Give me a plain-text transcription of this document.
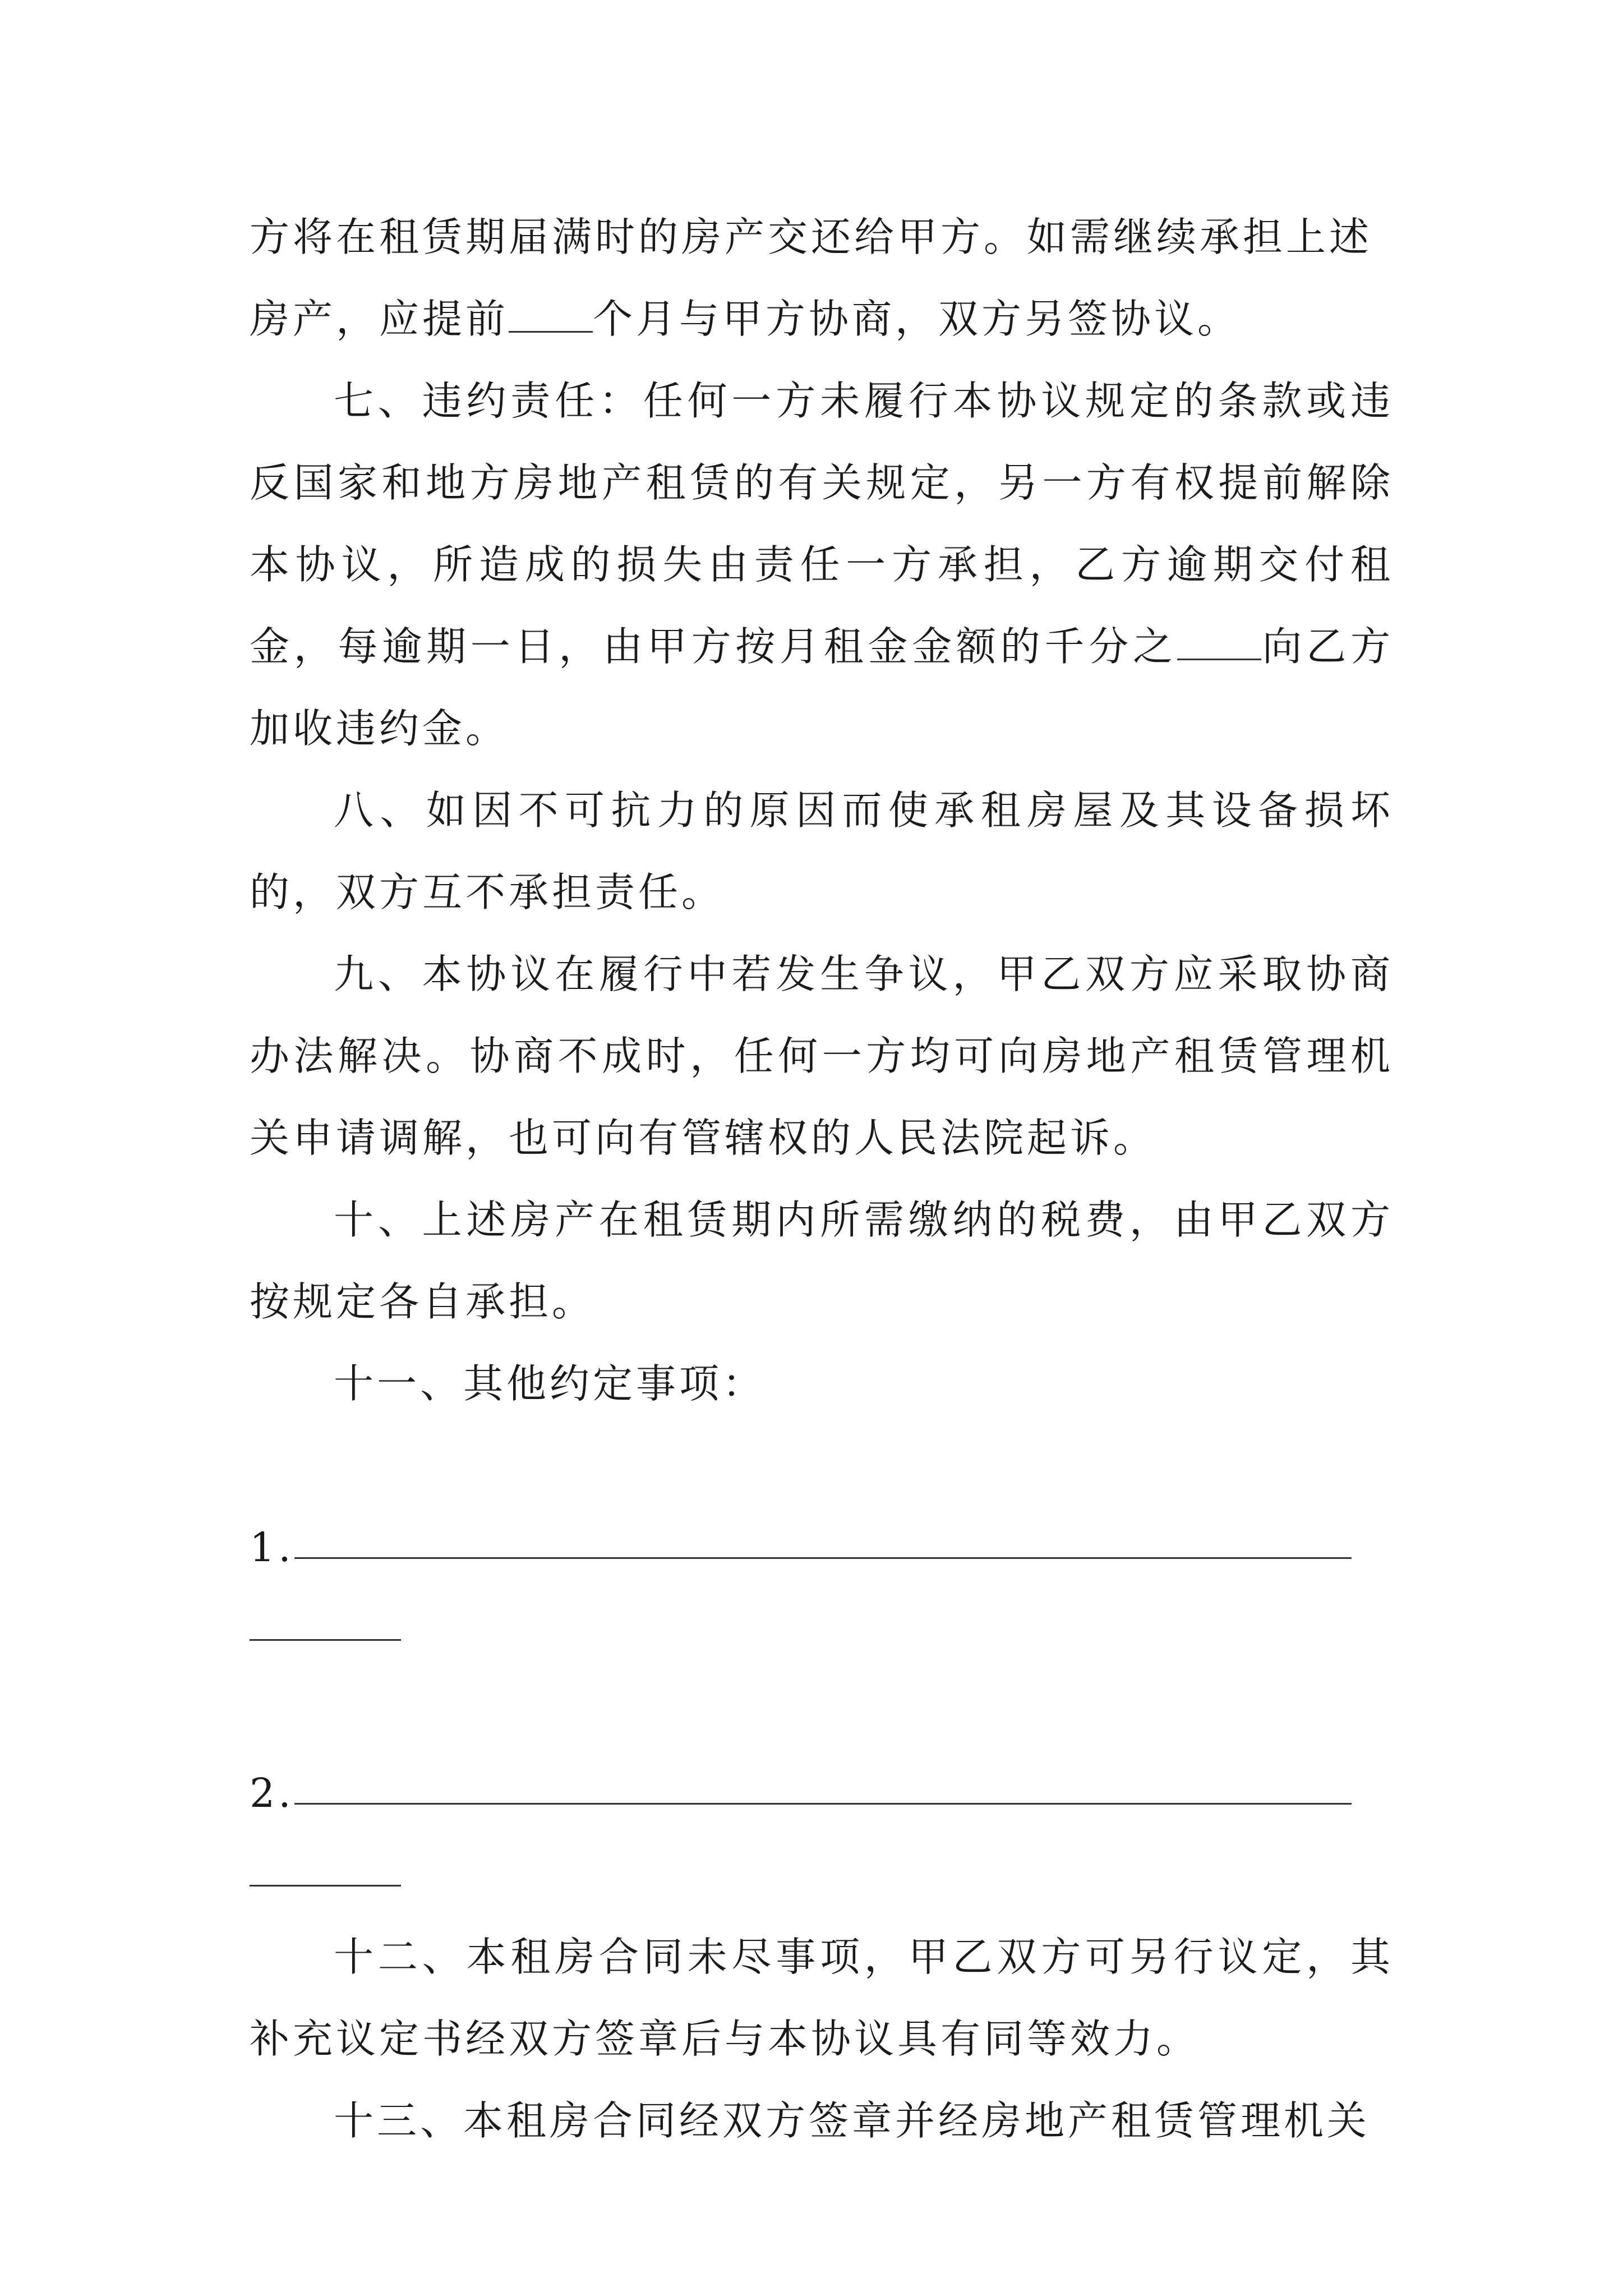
方将在租赁期届满时的房产交还给甲方。如需继续承担上述
房产，应提前 个月与甲方协商，双方另签协议。

七、违约责任：任何一方未履行本协议规定的条款或违反国家和地方房地产租赁的有关规定，另一方有权提前解除本协议，所造成的损失由责任一方承担，乙方逾期交付租金，每逾期一日，由甲方按月租金金额的千分之 向乙方加收违约金。

八、如因不可抗力的原因而使承租房屋及其设备损坏的，双方互不承担责任。

九、本协议在履行中若发生争议，甲乙双方应采取协商办法解决。协商不成时，任何一方均可向房地产租赁管理机关申请调解，也可向有管辖权的人民法院起诉。

十、上述房产在租赁期内所需缴纳的税费，由甲乙双方按规定各自承担。

十一、其他约定事项：

1.
2.

十二、本租房合同未尽事项，甲乙双方可另行议定，其补充议定书经双方签章后与本协议具有同等效力。

十三、本租房合同经双方签章并经房地产租赁管理机关
